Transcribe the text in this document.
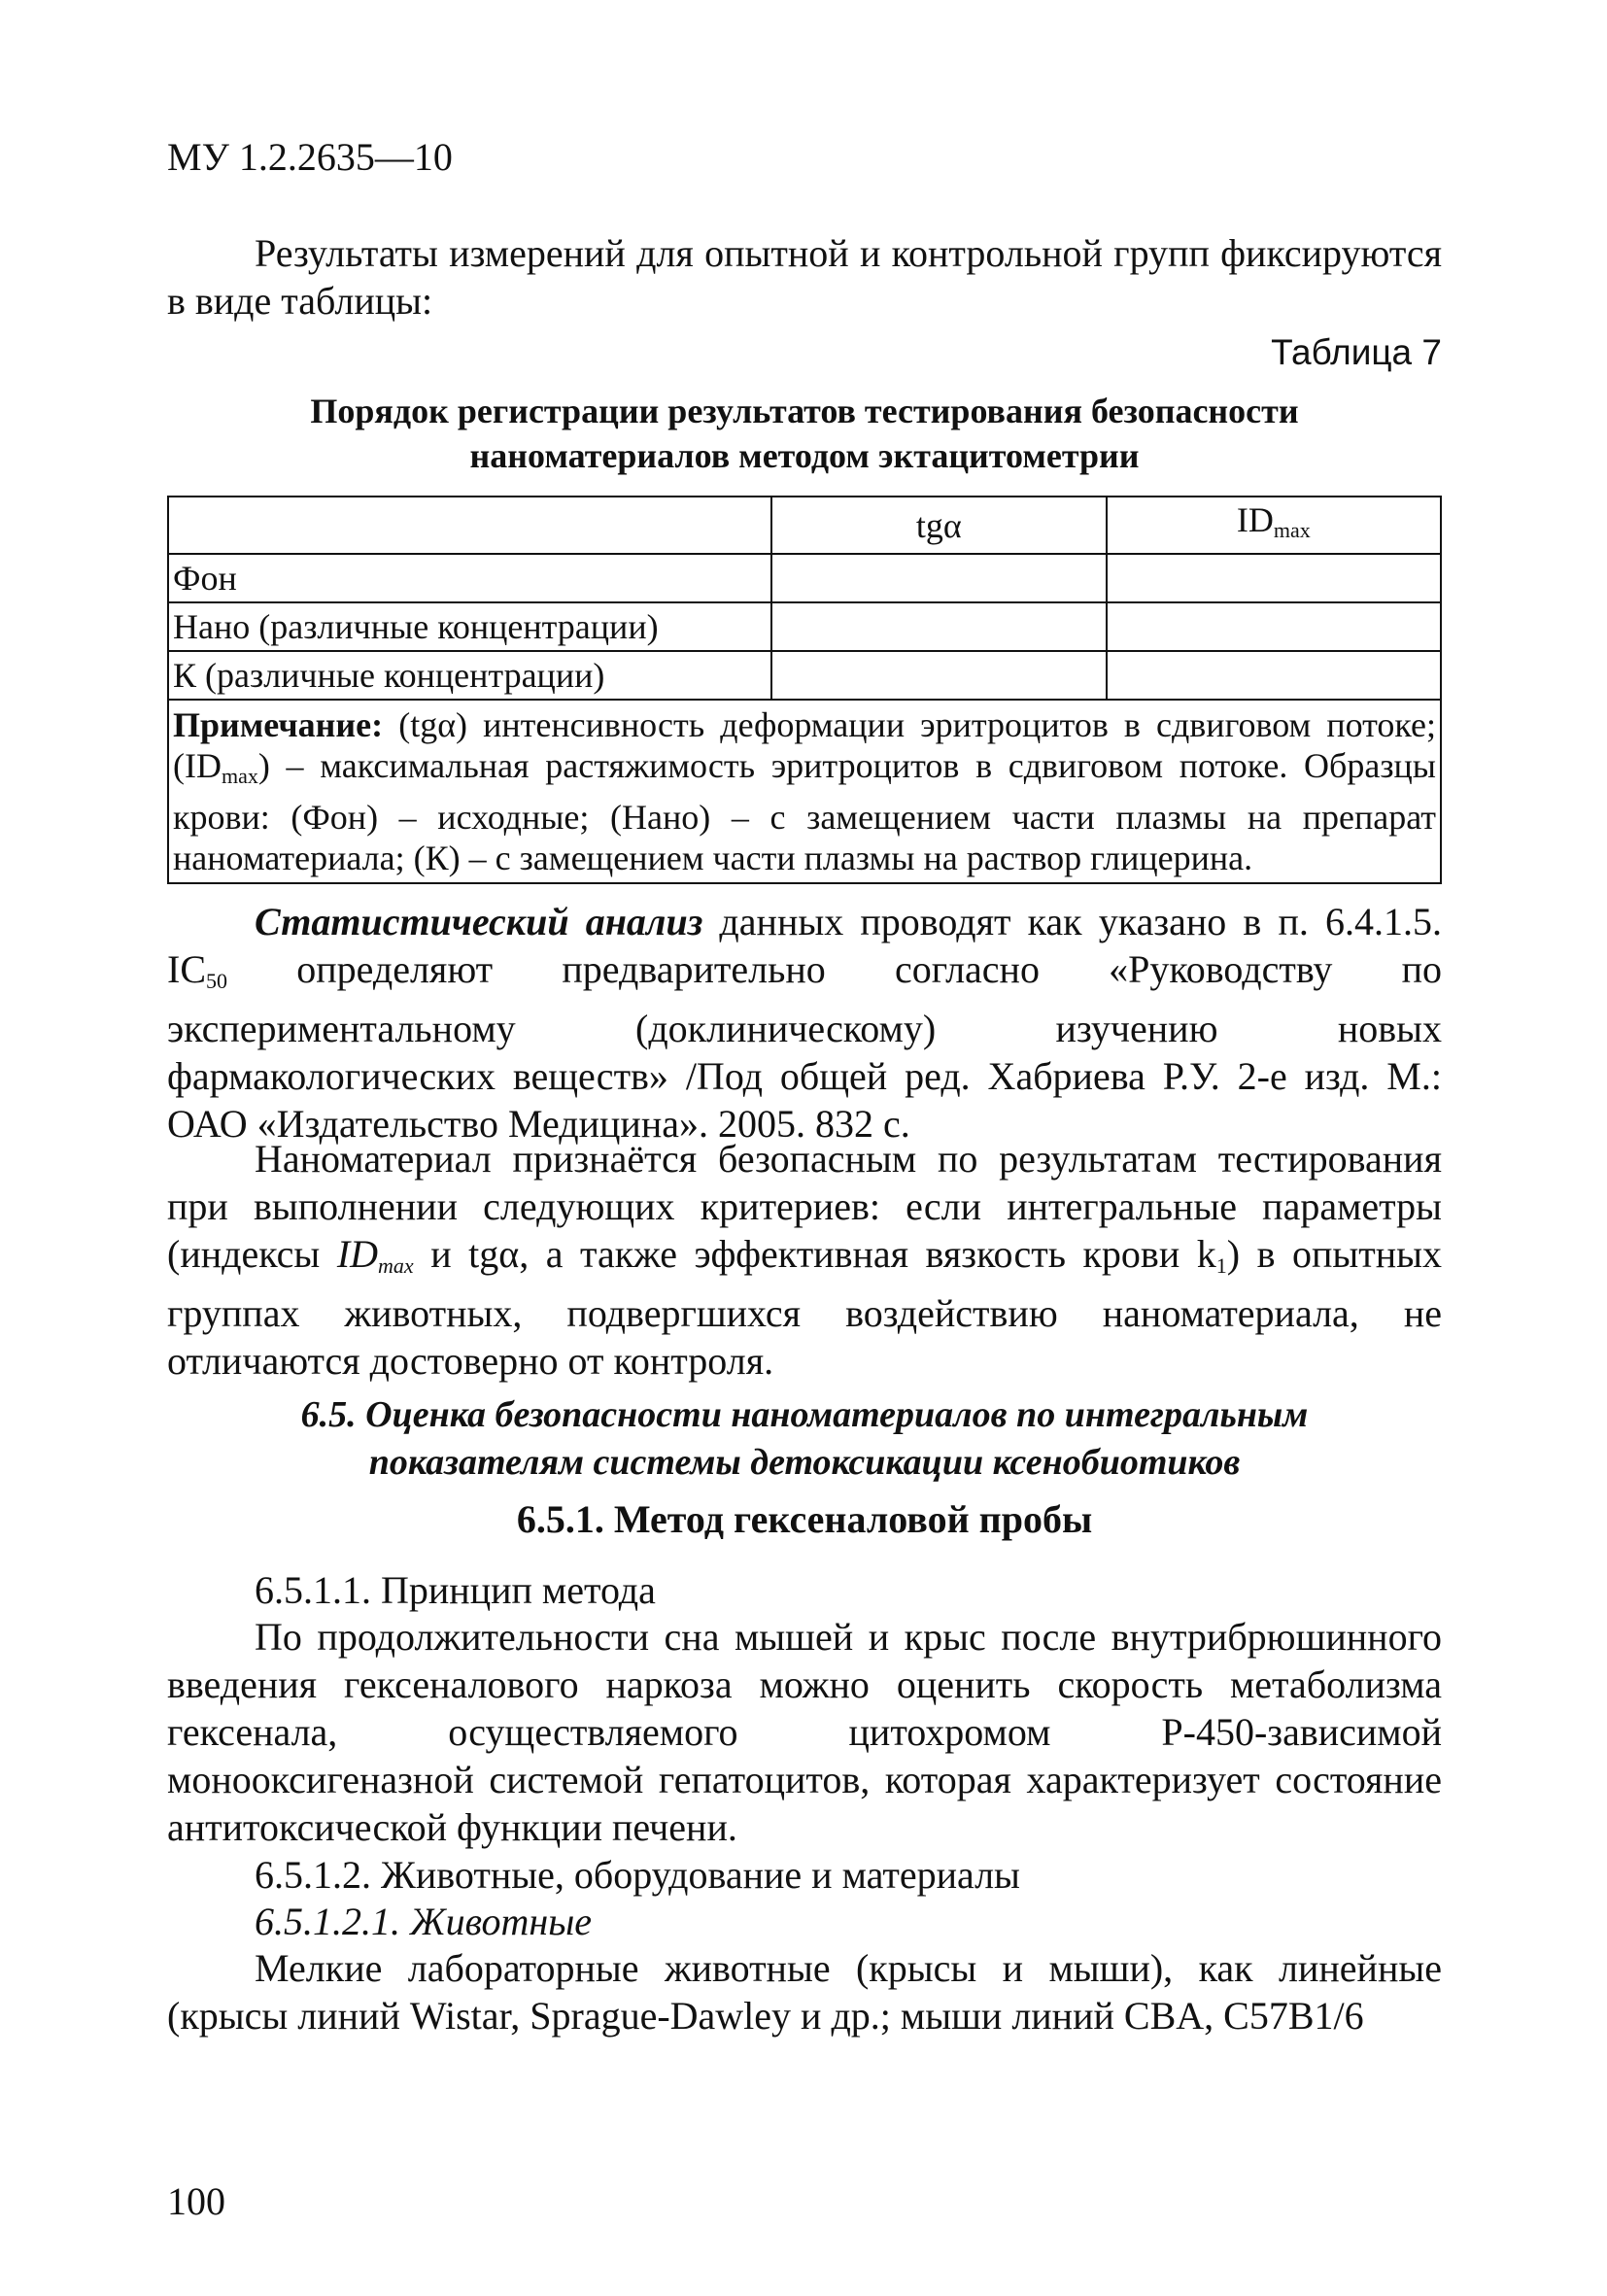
МУ 1.2.2635—10
Результаты измерений для опытной и контрольной групп фиксируются в виде таблицы:
Таблица 7
Порядок регистрации результатов тестирования безопасности
наноматериалов методом эктацитометрии
	tgα	$ID_{max}$
Фон		
Нано (различные концентрации)		
К (различные концентрации)		
Примечание: (tgα) интенсивность деформации эритроцитов в сдвиговом потоке; $(ID_{max})$ – максимальная растяжимость эритроцитов в сдвиговом потоке. Образцы крови: (Фон) – исходные; (Нано) – с замещением части плазмы на препарат наноматериала; (К) – с замещением части плазмы на раствор глицерина.		
Статистический анализ данных проводят как указано в п. 6.4.1.5. $IC_{50}$ определяют предварительно согласно «Руководству по экспериментальному (доклиническому) изучению новых фармакологических веществ» /Под общей ред. Хабриева Р.У. 2-е изд. М.: ОАО «Издательство Медицина». 2005. 832 с.
Наноматериал признаётся безопасным по результатам тестирования при выполнении следующих критериев: если интегральные параметры (индексы $ID_{max}$ и tgα, а также эффективная вязкость крови $k_1$) в опытных группах животных, подвергшихся воздействию наноматериала, не отличаются достоверно от контроля.
6.5. Оценка безопасности наноматериалов по интегральным
показателям системы детоксикации ксенобиотиков
6.5.1. Метод гексеналовой пробы
6.5.1.1. Принцип метода
По продолжительности сна мышей и крыс после внутрибрюшинного введения гексеналового наркоза можно оценить скорость метаболизма гексенала, осуществляемого цитохромом Р-450-зависимой монооксигеназной системой гепатоцитов, которая характеризует состояние антитоксической функции печени.
6.5.1.2. Животные, оборудование и материалы
6.5.1.2.1. Животные
Мелкие лабораторные животные (крысы и мыши), как линейные (крысы линий Wistar, Sprague-Dawley и др.; мыши линий CBA, C57B1/6
100
